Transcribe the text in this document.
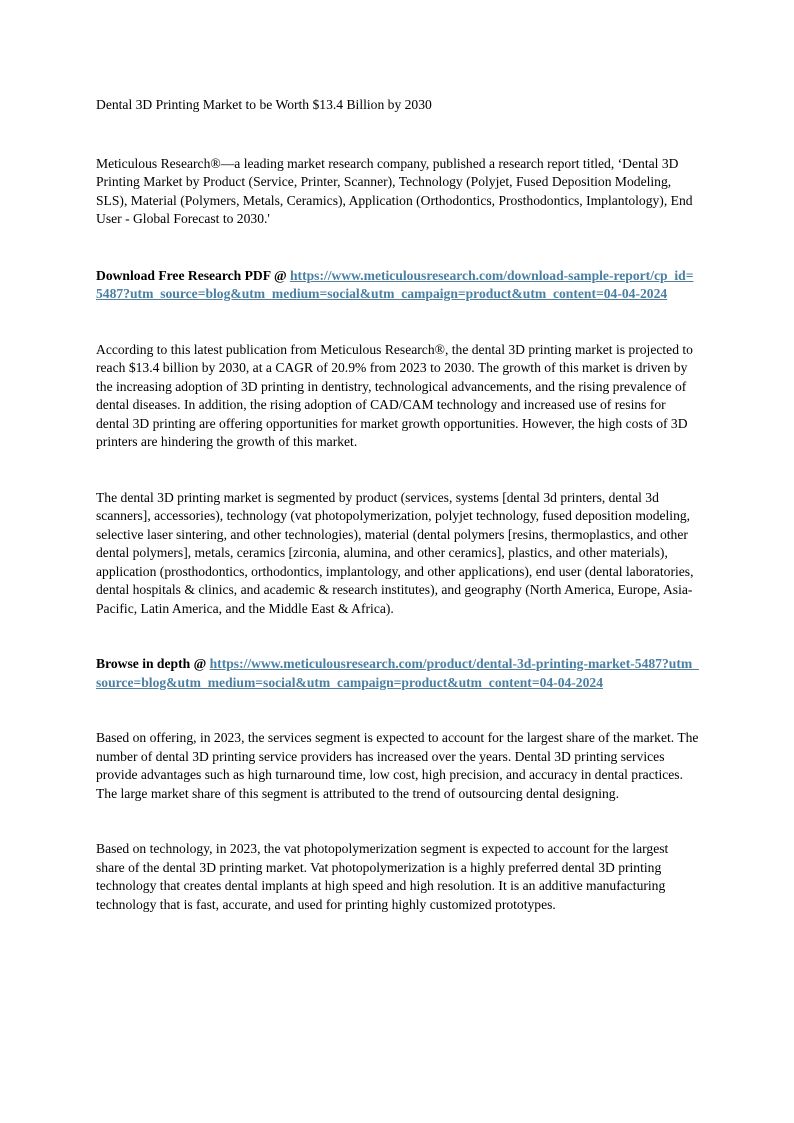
Dental 3D Printing Market to be Worth $13.4 Billion by 2030

Meticulous Research®—a leading market research company, published a research report titled, ‘Dental 3D Printing Market by Product (Service, Printer, Scanner), Technology (Polyjet, Fused Deposition Modeling, SLS), Material (Polymers, Metals, Ceramics), Application (Orthodontics, Prosthodontics, Implantology), End User - Global Forecast to 2030.'

Download Free Research PDF @ https://www.meticulousresearch.com/download-sample-report/cp_id=5487?utm_source=blog&utm_medium=social&utm_campaign=product&utm_content=04-04-2024

According to this latest publication from Meticulous Research®, the dental 3D printing market is projected to reach $13.4 billion by 2030, at a CAGR of 20.9% from 2023 to 2030. The growth of this market is driven by the increasing adoption of 3D printing in dentistry, technological advancements, and the rising prevalence of dental diseases. In addition, the rising adoption of CAD/CAM technology and increased use of resins for dental 3D printing are offering opportunities for market growth opportunities. However, the high costs of 3D printers are hindering the growth of this market.

The dental 3D printing market is segmented by product (services, systems [dental 3d printers, dental 3d scanners], accessories), technology (vat photopolymerization, polyjet technology, fused deposition modeling, selective laser sintering, and other technologies), material (dental polymers [resins, thermoplastics, and other dental polymers], metals, ceramics [zirconia, alumina, and other ceramics], plastics, and other materials), application (prosthodontics, orthodontics, implantology, and other applications), end user (dental laboratories, dental hospitals & clinics, and academic & research institutes), and geography (North America, Europe, Asia-Pacific, Latin America, and the Middle East & Africa).

Browse in depth @ https://www.meticulousresearch.com/product/dental-3d-printing-market-5487?utm_source=blog&utm_medium=social&utm_campaign=product&utm_content=04-04-2024

Based on offering, in 2023, the services segment is expected to account for the largest share of the market. The number of dental 3D printing service providers has increased over the years. Dental 3D printing services provide advantages such as high turnaround time, low cost, high precision, and accuracy in dental practices. The large market share of this segment is attributed to the trend of outsourcing dental designing.

Based on technology, in 2023, the vat photopolymerization segment is expected to account for the largest share of the dental 3D printing market. Vat photopolymerization is a highly preferred dental 3D printing technology that creates dental implants at high speed and high resolution. It is an additive manufacturing technology that is fast, accurate, and used for printing highly customized prototypes.
